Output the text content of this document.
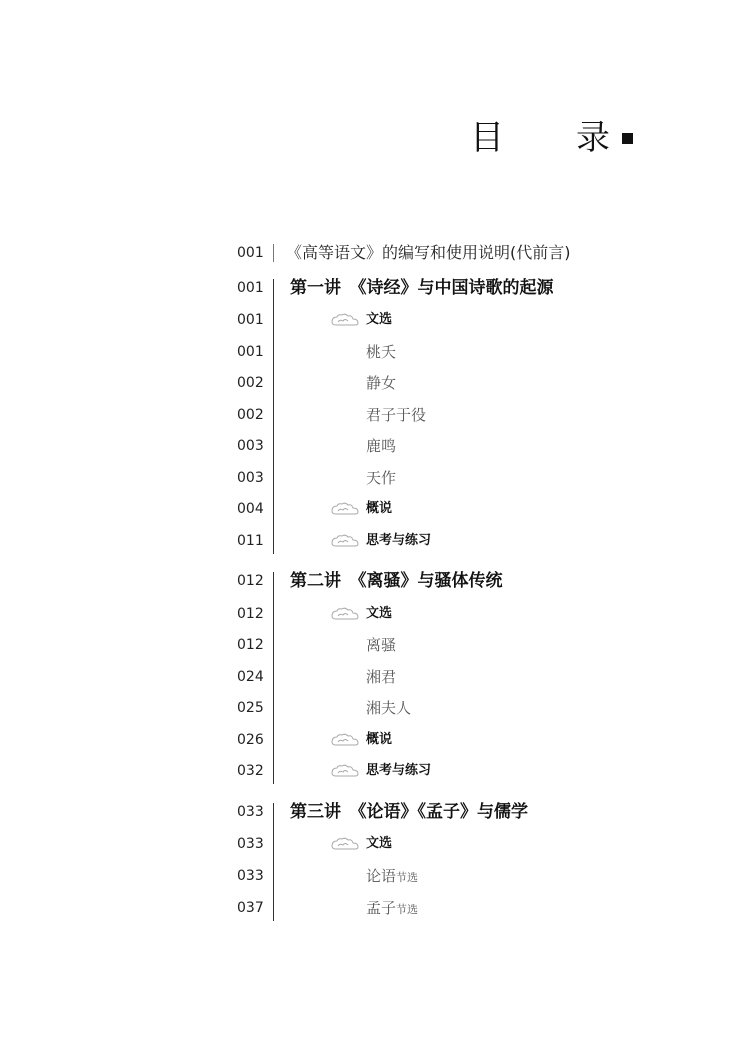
目 录
001	《高等语文》的编写和使用说明(代前言)
001	第一讲　《诗经》与中国诗歌的起源
001	文选
001	桃夭
002	静女
002	君子于役
003	鹿鸣
003	天作
004	概说
011	思考与练习
012	第二讲　《离骚》与骚体传统
012	文选
012	离骚
024	湘君
025	湘夫人
026	概说
032	思考与练习
033	第三讲　《论语》《孟子》与儒学
033	文选
033	论语节选
037	孟子节选
